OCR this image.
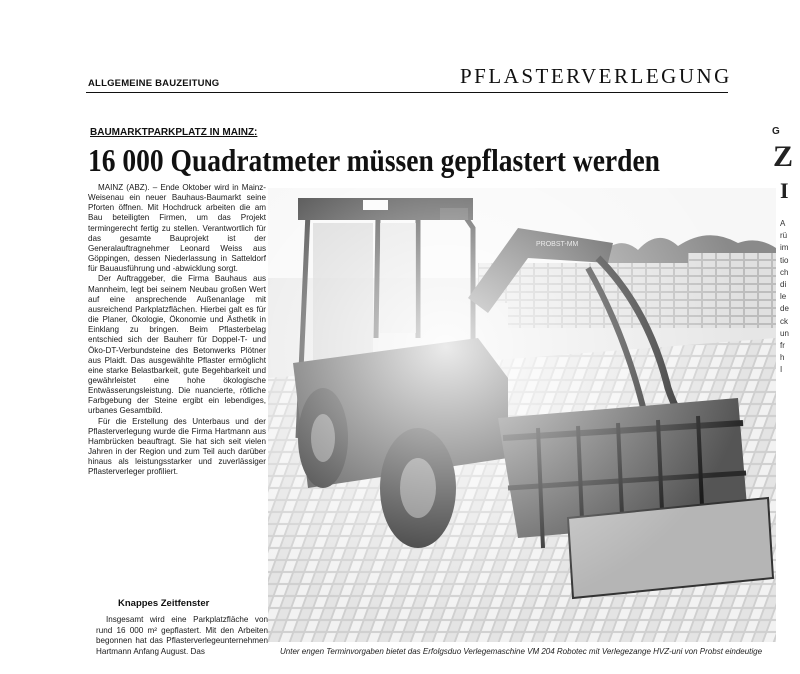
ALLGEMEINE BAUZEITUNG	PFLASTERVERLEGUNG
BAUMARKTPARKPLATZ IN MAINZ:
16 000 Quadratmeter müssen gepflastert werden

MAINZ (ABZ). – Ende Oktober wird in Mainz-Weisenau ein neuer Bauhaus-Baumarkt seine Pforten öffnen. Mit Hochdruck arbeiten die am Bau beteiligten Firmen, um das Projekt termingerecht fertig zu stellen. Verantwortlich für das gesamte Bauprojekt ist der Generalauftragnehmer Leonard Weiss aus Göppingen, dessen Niederlassung in Satteldorf für Bauausführung und -abwicklung sorgt.

Der Auftraggeber, die Firma Bauhaus aus Mannheim, legt bei seinem Neubau großen Wert auf eine ansprechende Außenanlage mit ausreichend Parkplatzflächen. Hierbei galt es für die Planer, Ökologie, Ökonomie und Ästhetik in Einklang zu bringen. Beim Pflasterbelag entschied sich der Bauherr für Doppel-T- und Öko-DT-Verbundsteine des Betonwerks Plötner aus Plaidt. Das ausgewählte Pflaster ermöglicht eine starke Belastbarkeit, gute Begehbarkeit und gewährleistet eine hohe ökologische Entwässerungsleistung. Die nuancierte, rötliche Farbgebung der Steine ergibt ein lebendiges, urbanes Gesamtbild.

Für die Erstellung des Unterbaus und der Pflasterverlegung wurde die Firma Hartmann aus Hambrücken beauftragt. Sie hat sich seit vielen Jahren in der Region und zum Teil auch darüber hinaus als leistungsstarker und zuverlässiger Pflasterverleger profiliert.

Knappes Zeitfenster

Insgesamt wird eine Parkplatzfläche von rund 16 000 m² gepflastert. Mit den Arbeiten begonnen hat das Pflasterverlegeunternehmen Hartmann Anfang August. Das	Unter engen Terminvorgaben bietet das Erfolgsduo Verlegemaschine VM 204 Robotec mit Verlegezange HVZ-uni von Probst eindeutige
G
Z
I
A
rü
im
tio
ch
di
le
de
ck
un
fr
h
I
